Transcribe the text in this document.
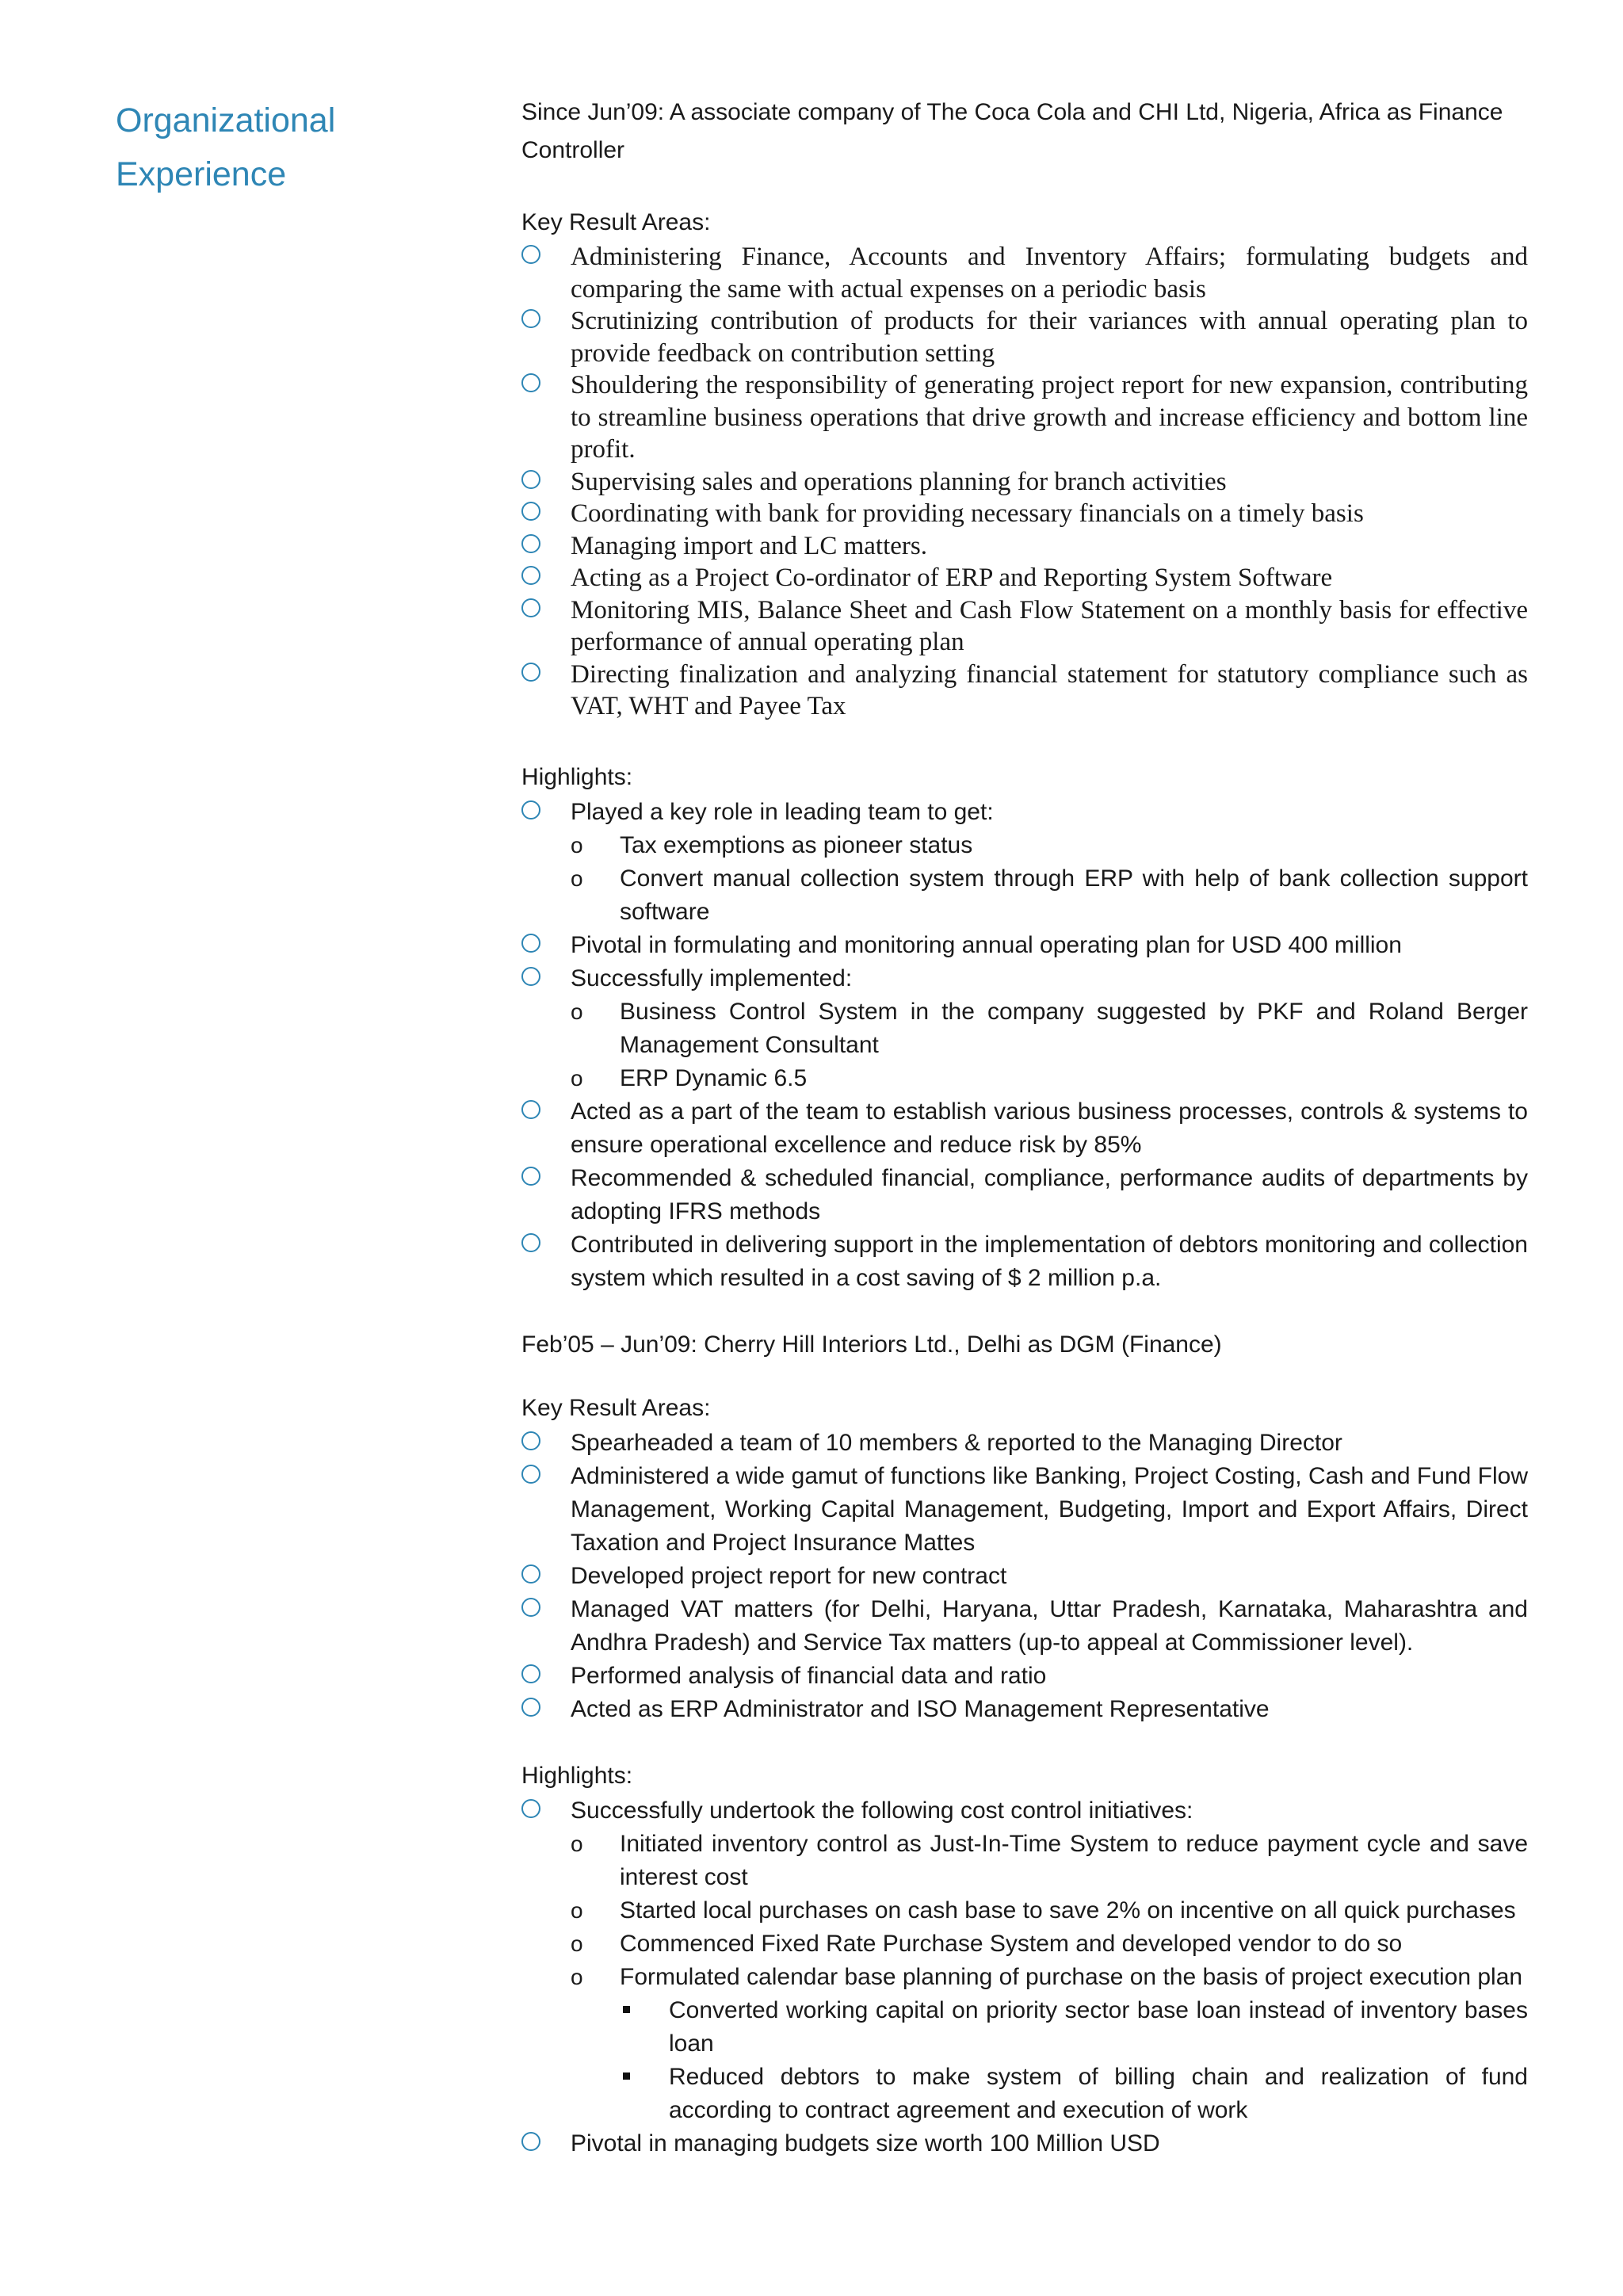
Organizational Experience
Since Jun’09: A associate company of The Coca Cola and CHI Ltd, Nigeria, Africa as Finance Controller
Key Result Areas:
Administering Finance, Accounts and Inventory Affairs; formulating budgets and comparing the same with actual expenses on a periodic basis
Scrutinizing contribution of products for their variances with annual operating plan to provide feedback on contribution setting
Shouldering the responsibility of generating project report for new expansion, contributing to streamline business operations that drive growth and increase efficiency and bottom line profit.
Supervising sales and operations planning for branch activities
Coordinating with bank for providing necessary financials on a timely basis
Managing import and LC matters.
Acting as a Project Co-ordinator of ERP and Reporting System Software
Monitoring MIS, Balance Sheet and Cash Flow Statement on a monthly basis for effective performance of annual operating plan
Directing finalization and analyzing financial statement for statutory compliance such as VAT, WHT and Payee Tax
Highlights:
Played a key role in leading team to get:
o Tax exemptions as pioneer status
o Convert manual collection system through ERP with help of bank collection support software
Pivotal in formulating and monitoring annual operating plan for USD 400 million
Successfully implemented:
o Business Control System in the company suggested by PKF and Roland Berger Management Consultant
o ERP Dynamic 6.5
Acted as a part of the team to establish various business processes, controls & systems to ensure operational excellence and reduce risk by 85%
Recommended & scheduled financial, compliance, performance audits of departments by adopting IFRS methods
Contributed in delivering support in the implementation of debtors monitoring and collection system which resulted in a cost saving of $ 2 million p.a.
Feb’05 – Jun’09: Cherry Hill Interiors Ltd., Delhi as DGM (Finance)
Key Result Areas:
Spearheaded a team of 10 members & reported to the Managing Director
Administered a wide gamut of functions like Banking, Project Costing, Cash and Fund Flow Management, Working Capital Management, Budgeting, Import and Export Affairs, Direct Taxation and Project Insurance Mattes
Developed project report for new contract
Managed VAT matters (for Delhi, Haryana, Uttar Pradesh, Karnataka, Maharashtra and Andhra Pradesh) and Service Tax matters (up-to appeal at Commissioner level).
Performed analysis of financial data and ratio
Acted as ERP Administrator and ISO Management Representative
Highlights:
Successfully undertook the following cost control initiatives:
o Initiated inventory control as Just-In-Time System to reduce payment cycle and save interest cost
o Started local purchases on cash base to save 2% on incentive on all quick purchases
o Commenced Fixed Rate Purchase System and developed vendor to do so
o Formulated calendar base planning of purchase on the basis of project execution plan
Converted working capital on priority sector base loan instead of inventory bases loan
Reduced debtors to make system of billing chain and realization of fund according to contract agreement and execution of work
Pivotal in managing budgets size worth 100 Million USD
